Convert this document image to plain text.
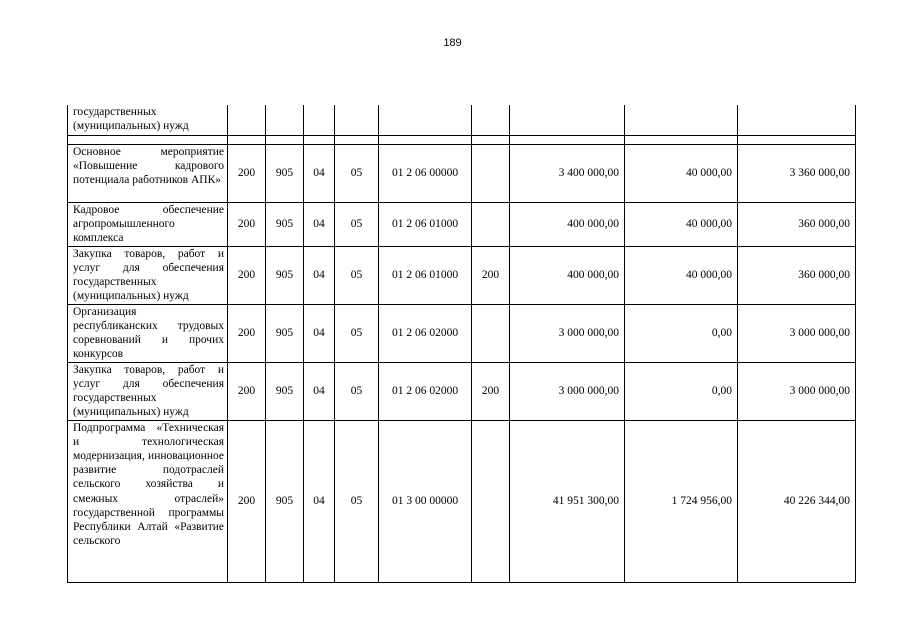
189
государственных (муниципальных) нужд									

Основное мероприятие «Повышение кадрового потенциала работников АПК»	200	905	04	05	01 2 06 00000		3 400 000,00	40 000,00	3 360 000,00
Кадровое обеспечение агропромышленного комплекса	200	905	04	05	01 2 06 01000		400 000,00	40 000,00	360 000,00
Закупка товаров, работ и услуг для обеспечения государственных (муниципальных) нужд	200	905	04	05	01 2 06 01000	200	400 000,00	40 000,00	360 000,00
Организация республиканских трудовых соревнований и прочих конкурсов	200	905	04	05	01 2 06 02000		3 000 000,00	0,00	3 000 000,00
Закупка товаров, работ и услуг для обеспечения государственных (муниципальных) нужд	200	905	04	05	01 2 06 02000	200	3 000 000,00	0,00	3 000 000,00
Подпрограмма «Техническая и технологическая модернизация, инновационное развитие подотраслей сельского хозяйства и смежных отраслей» государственной программы Республики Алтай «Развитие сельского	200	905	04	05	01 3 00 00000		41 951 300,00	1 724 956,00	40 226 344,00
